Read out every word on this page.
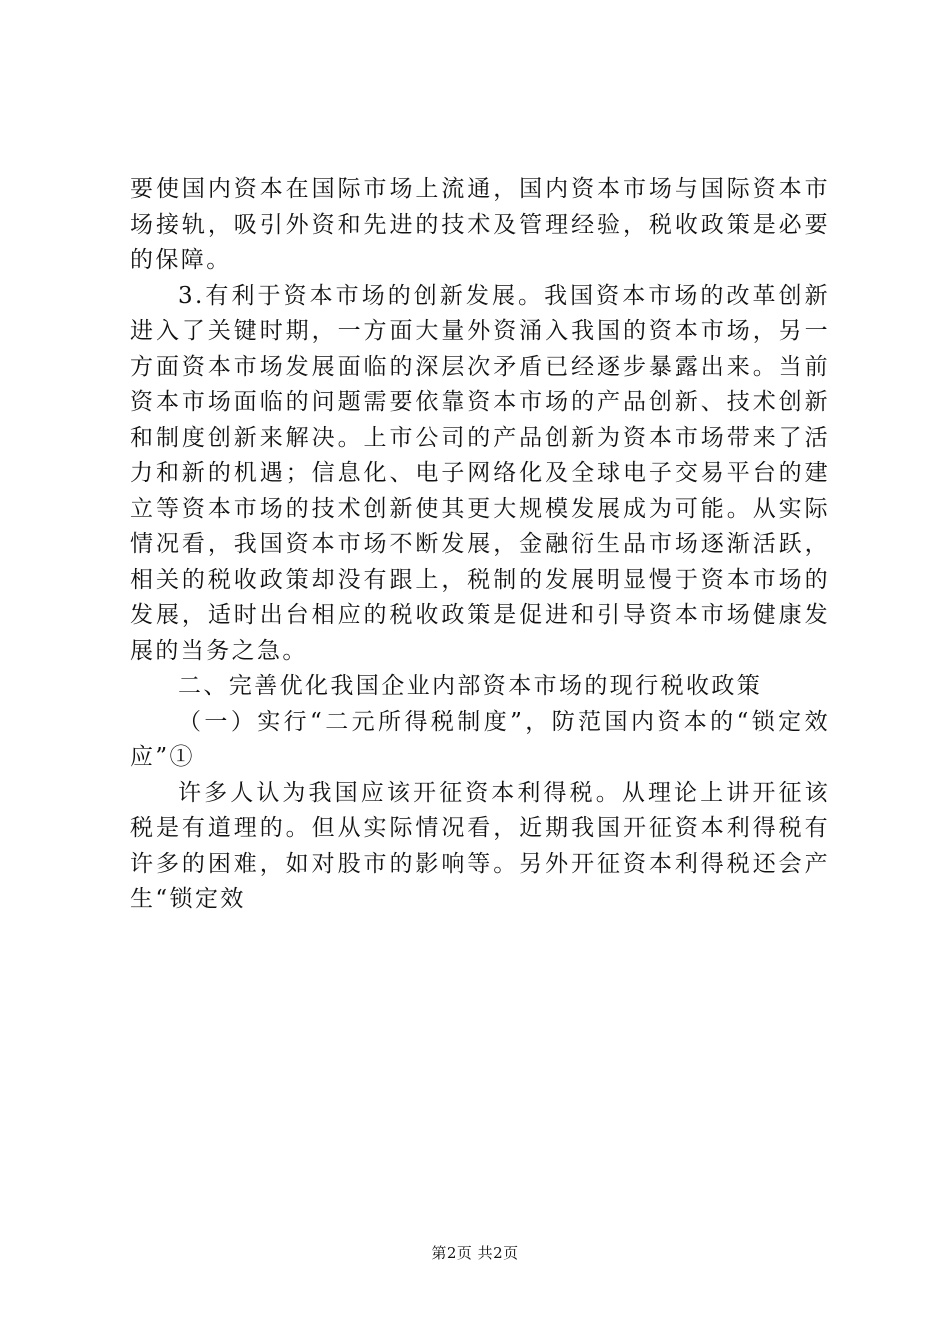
要使国内资本在国际市场上流通，国内资本市场与国际资本市场接轨，吸引外资和先进的技术及管理经验，税收政策是必要的保障。

3.有利于资本市场的创新发展。我国资本市场的改革创新进入了关键时期，一方面大量外资涌入我国的资本市场，另一方面资本市场发展面临的深层次矛盾已经逐步暴露出来。当前资本市场面临的问题需要依靠资本市场的产品创新、技术创新和制度创新来解决。上市公司的产品创新为资本市场带来了活力和新的机遇；信息化、电子网络化及全球电子交易平台的建立等资本市场的技术创新使其更大规模发展成为可能。从实际情况看，我国资本市场不断发展，金融衍生品市场逐渐活跃，相关的税收政策却没有跟上，税制的发展明显慢于资本市场的发展，适时出台相应的税收政策是促进和引导资本市场健康发展的当务之急。

二、完善优化我国企业内部资本市场的现行税收政策

（一）实行“二元所得税制度”，防范国内资本的“锁定效应”①

许多人认为我国应该开征资本利得税。从理论上讲开征该税是有道理的。但从实际情况看，近期我国开征资本利得税有许多的困难，如对股市的影响等。另外开征资本利得税还会产生“锁定效

第2页 共2页
